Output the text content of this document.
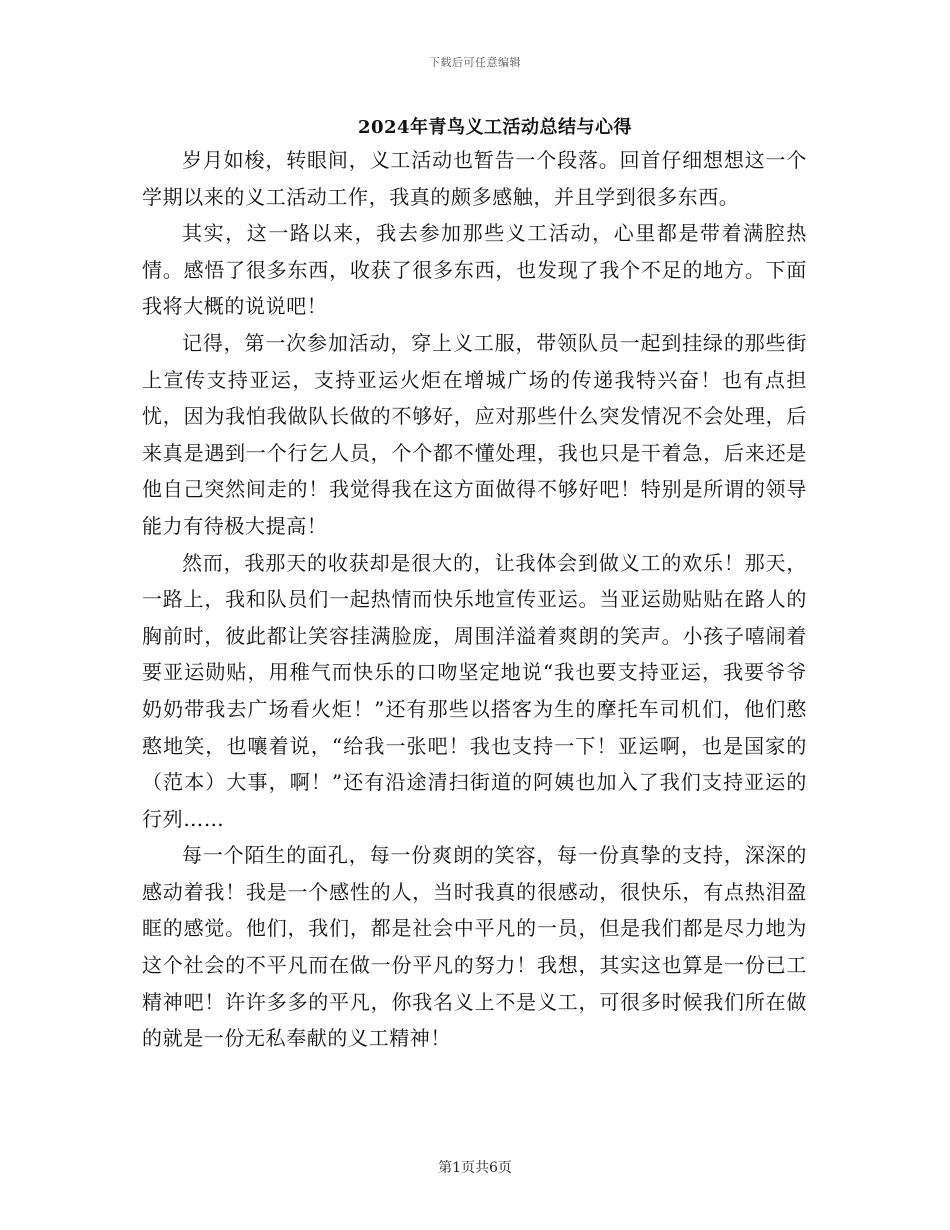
下载后可任意编辑
2024年青鸟义工活动总结与心得

岁月如梭，转眼间，义工活动也暂告一个段落。回首仔细想想这一个学期以来的义工活动工作，我真的颇多感触，并且学到很多东西。

其实，这一路以来，我去参加那些义工活动，心里都是带着满腔热情。感悟了很多东西，收获了很多东西，也发现了我个不足的地方。下面我将大概的说说吧！

记得，第一次参加活动，穿上义工服，带领队员一起到挂绿的那些街上宣传支持亚运，支持亚运火炬在增城广场的传递我特兴奋！也有点担忧，因为我怕我做队长做的不够好，应对那些什么突发情况不会处理，后来真是遇到一个行乞人员，个个都不懂处理，我也只是干着急，后来还是他自己突然间走的！我觉得我在这方面做得不够好吧！特别是所谓的领导能力有待极大提高！

然而，我那天的收获却是很大的，让我体会到做义工的欢乐！那天，一路上，我和队员们一起热情而快乐地宣传亚运。当亚运勋贴贴在路人的胸前时，彼此都让笑容挂满脸庞，周围洋溢着爽朗的笑声。小孩子嘻闹着要亚运勋贴，用稚气而快乐的口吻坚定地说“我也要支持亚运，我要爷爷奶奶带我去广场看火炬！”还有那些以搭客为生的摩托车司机们，他们憨憨地笑，也嚷着说，“给我一张吧！我也支持一下！亚运啊，也是国家的（范本）大事，啊！”还有沿途清扫街道的阿姨也加入了我们支持亚运的行列……

每一个陌生的面孔，每一份爽朗的笑容，每一份真挚的支持，深深的感动着我！我是一个感性的人，当时我真的很感动，很快乐，有点热泪盈眶的感觉。他们，我们，都是社会中平凡的一员，但是我们都是尽力地为这个社会的不平凡而在做一份平凡的努力！我想，其实这也算是一份已工精神吧！许许多多的平凡，你我名义上不是义工，可很多时候我们所在做的就是一份无私奉献的义工精神！

第1页共6页
